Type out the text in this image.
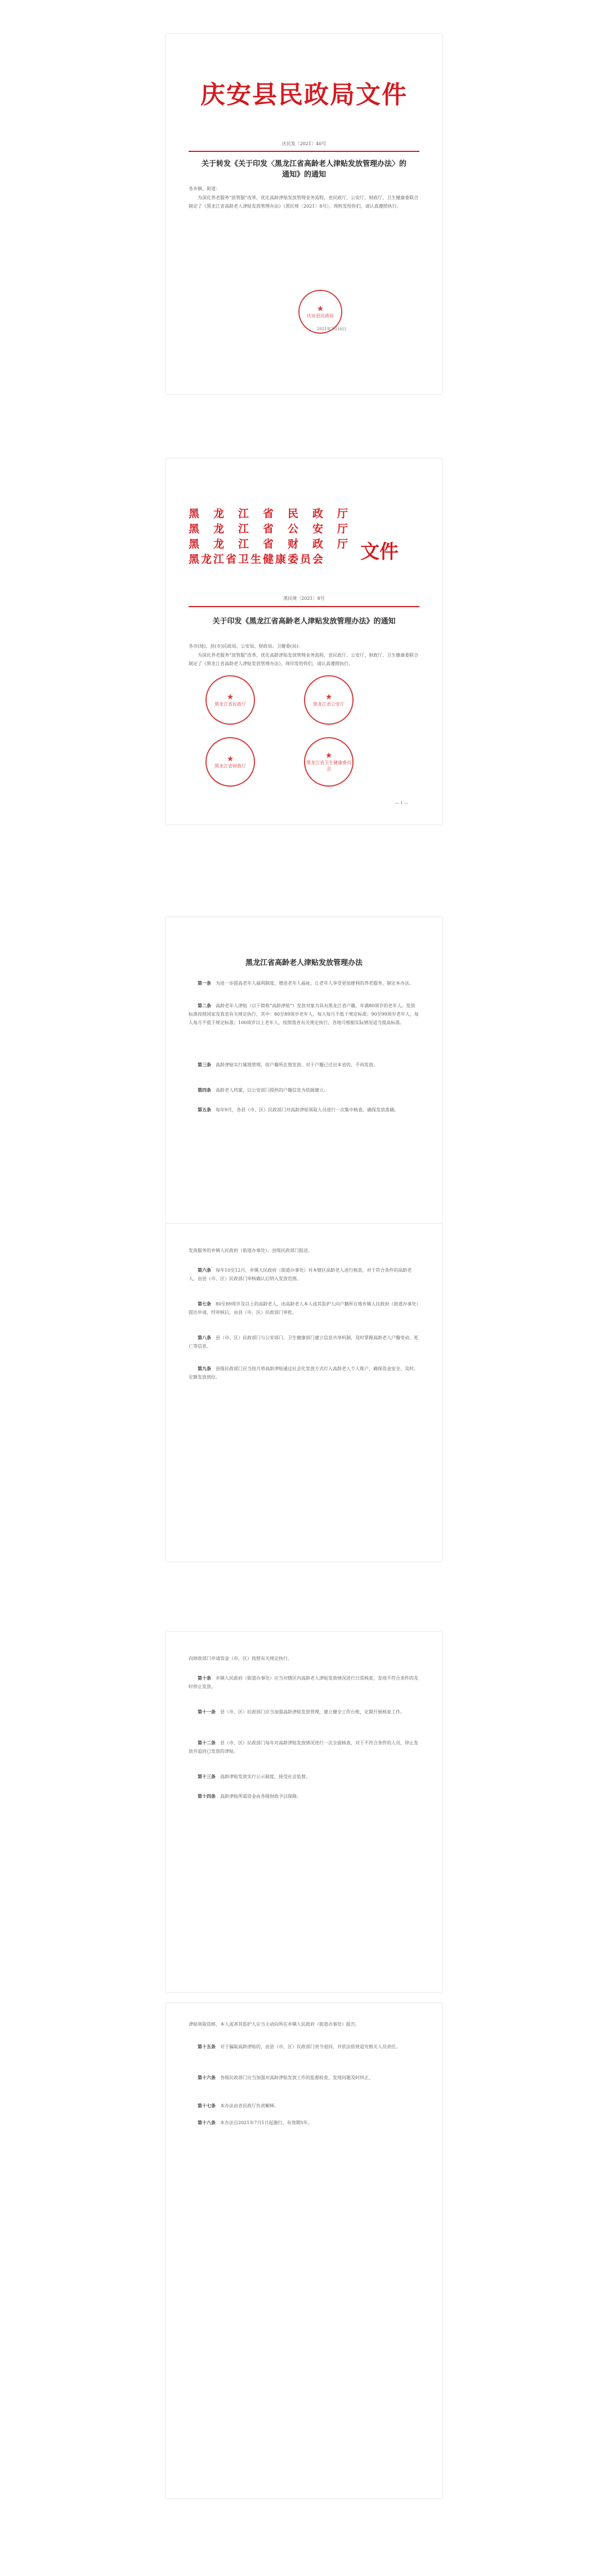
庆安县民政局文件
庆民发〔2021〕40号
关于转发《关于印发〈黑龙江省高龄老人津贴发放管理办法〉的通知》的通知
各乡镇、街道：
为深化养老服务“放管服”改革，优化高龄津贴发放管理业务流程，省民政厅、公安厅、财政厅、卫生健康委联合制定了《黑龙江省高龄老人津贴发放管理办法》（黑民规〔2021〕8号），现转发给你们，请认真遵照执行。
★
庆安县民政局
2021年7月16日
黑　龙　江　省　民　政　厅
黑　龙　江　省　公　安　厅
黑　龙　江　省　财　政　厅
黑龙江省卫生健康委员会	文件
黑民规〔2021〕8号
关于印发《黑龙江省高龄老人津贴发放管理办法》的通知
各市(地)、县(市)民政局、公安局、财政局、卫健委(局)：
为深化养老服务“放管服”改革，优化高龄津贴发放管理业务流程，省民政厅、公安厅、财政厅、卫生健康委联合制定了《黑龙江省高龄老人津贴发放管理办法》，现印发给你们，请认真遵照执行。
★
黑龙江省民政厅
★
黑龙江省公安厅
★
黑龙江省财政厅
★
黑龙江省卫生健康委员会
— 1 —
黑龙江省高龄老人津贴发放管理办法
第一条　 为进一步提高老年人福利制度，增进老年人福祉，让老年人享受更加便利的养老服务，制定本办法。
第二条　 高龄老年人津贴（以下简称“高龄津贴”）发放对象为具有黑龙江省户籍、年满80周岁的老年人。发放标准按照国家及我省有关规定执行，其中：80至89周岁老年人，每人每月不低于规定标准；90至99周岁老年人，每人每月不低于规定标准；100周岁以上老年人，按照我省有关规定执行，各地可根据实际情况适当提高标准。
第三条　 高龄津贴实行属地管理，按户籍所在地发放。对于户籍已迁出本省的，不再发放。
第四条　 高龄老人档案，以公安部门提供的户籍信息为依据建立。
第五条　 每年9月，各县（市、区）民政部门对高龄津贴领取人员进行一次集中核查，确保发放准确。
发放服务的乡镇人民政府（街道办事处）、县级民政部门报送。
第六条　 每年10至12月，乡镇人民政府（街道办事处）对本辖区高龄老人进行核查，对于符合条件的高龄老人，由县（市、区）民政部门审核确认后纳入发放范围。
第七条　 80至89周岁及以上的高龄老人，由高龄老人本人或其监护人向户籍所在地乡镇人民政府（街道办事处）提出申请，经审核后，由县（市、区）民政部门审批。
第八条　 县（市、区）民政部门与公安部门、卫生健康部门建立信息共享机制，及时掌握高龄老人户籍变动、死亡等信息。
第九条　 县级民政部门应当按月将高龄津贴通过社会化发放方式打入高龄老人个人账户，确保资金安全、及时、足额发放到位。
向财政部门申请资金（市、区）按照有关规定执行。
第十条　 乡镇人民政府（街道办事处）应当对辖区内高龄老人津贴发放情况进行日常核查，发现不符合条件的及时停止发放。
第十一条　 县（市、区）民政部门应当加强高龄津贴发放管理，建立健全工作台账，定期开展核查工作。
第十二条　 县（市、区）民政部门每年对高龄津贴发放情况进行一次全面核查，对于不符合条件的人员，停止发放并追回已发放的津贴。
第十三条　 高龄津贴发放实行公示制度，接受社会监督。
第十四条　 高龄津贴所需资金由各级财政予以保障。
津贴领取资格，本人或者其监护人应当主动向所在乡镇人民政府（街道办事处）报告。
第十五条　 对于骗取高龄津贴的，由县（市、区）民政部门责令退回，并依法依规追究相关人员责任。
第十六条　 各级民政部门应当加强对高龄津贴发放工作的监督检查，发现问题及时纠正。
第十七条　 本办法由省民政厅负责解释。
第十八条　 本办法自2021年7月1日起施行，有效期5年。
